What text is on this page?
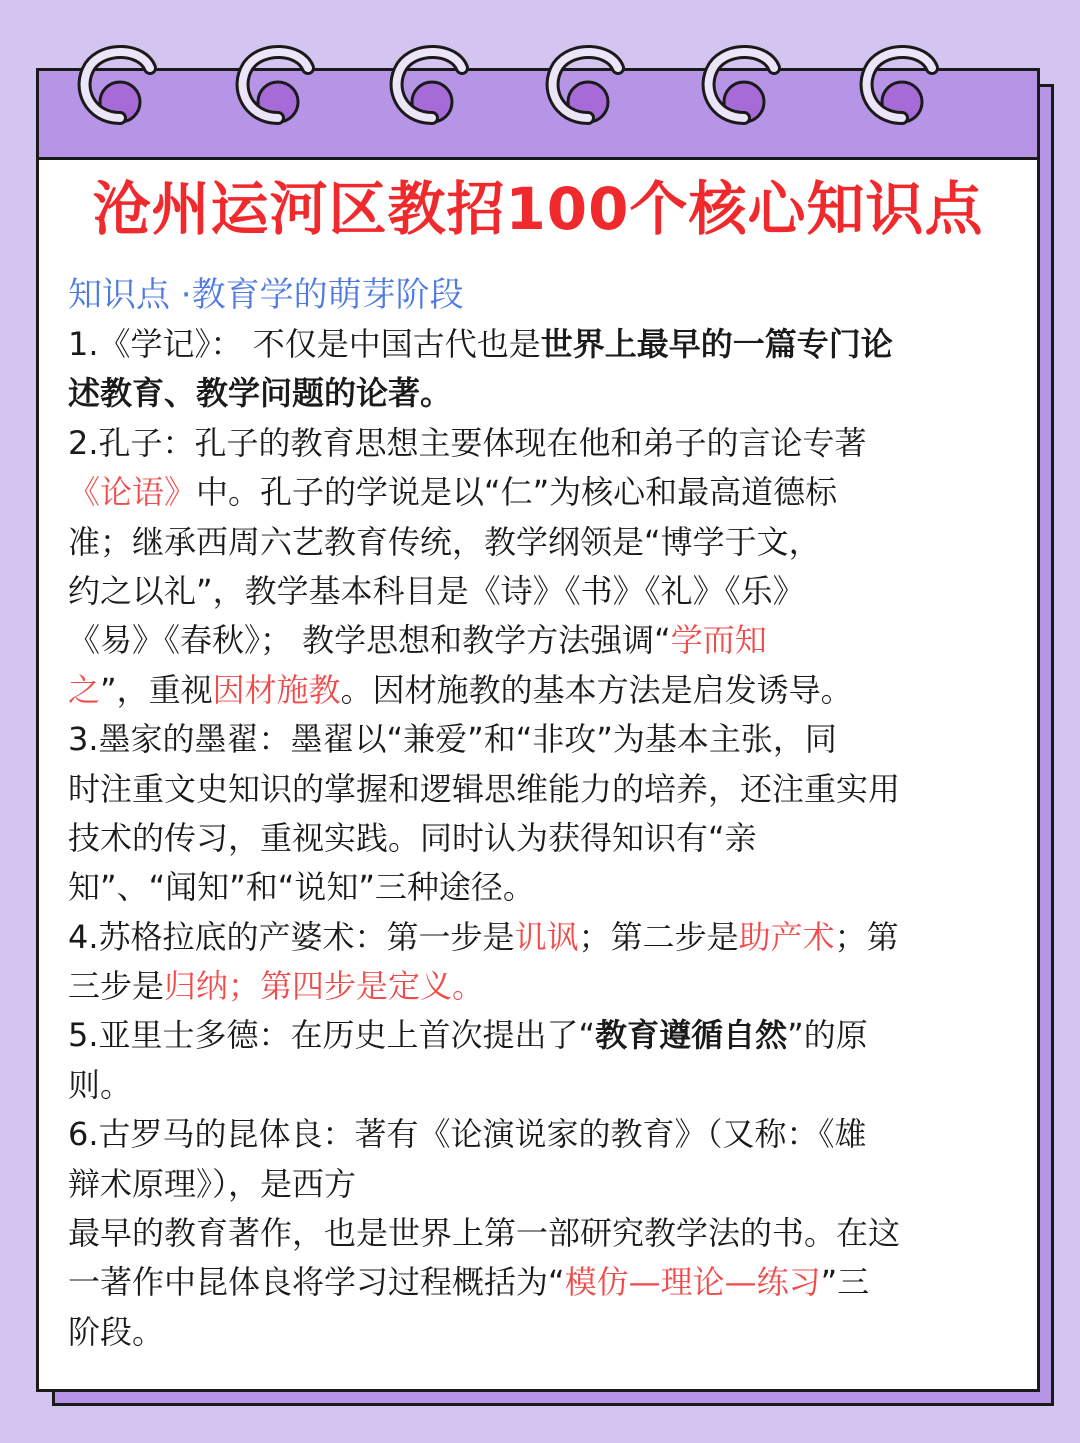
沧州运河区教招100个核心知识点
知识点 ·教育学的萌芽阶段
1.《学记》： 不仅是中国古代也是世界上最早的一篇专门论
述教育、教学问题的论著。
2.孔子：孔子的教育思想主要体现在他和弟子的言论专著
《论语》中。孔子的学说是以“仁”为核心和最高道德标
准；继承西周六艺教育传统，教学纲领是“博学于文，
约之以礼”，教学基本科目是《诗》《书》《礼》《乐》
《易》《春秋》； 教学思想和教学方法强调“学而知
之”，重视因材施教。因材施教的基本方法是启发诱导。
3.墨家的墨翟：墨翟以“兼爱”和“非攻”为基本主张，同
时注重文史知识的掌握和逻辑思维能力的培养，还注重实用
技术的传习，重视实践。同时认为获得知识有“亲
知”、“闻知”和“说知”三种途径。
4.苏格拉底的产婆术：第一步是讥讽；第二步是助产术；第
三步是归纳；第四步是定义。
5.亚里士多德：在历史上首次提出了“教育遵循自然”的原
则。
6.古罗马的昆体良：著有《论演说家的教育》（又称：《雄
辩术原理》），是西方
最早的教育著作，也是世界上第一部研究教学法的书。在这
一著作中昆体良将学习过程概括为“模仿—理论—练习”三
阶段。
